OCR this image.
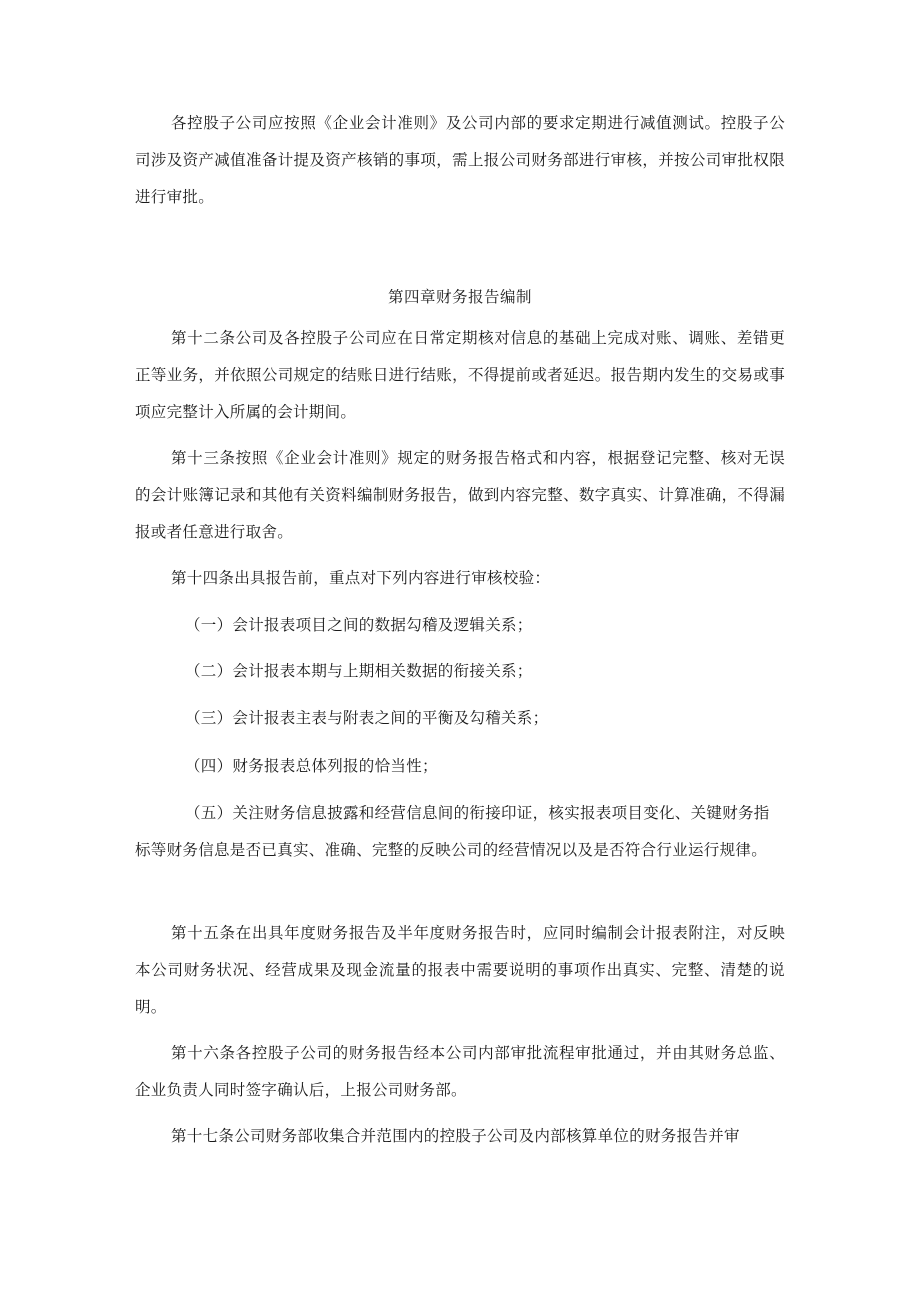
各控股子公司应按照《企业会计准则》及公司内部的要求定期进行减值测试。控股子公司涉及资产减值准备计提及资产核销的事项，需上报公司财务部进行审核，并按公司审批权限进行审批。

第四章财务报告编制

第十二条公司及各控股子公司应在日常定期核对信息的基础上完成对账、调账、差错更正等业务，并依照公司规定的结账日进行结账，不得提前或者延迟。报告期内发生的交易或事项应完整计入所属的会计期间。

第十三条按照《企业会计准则》规定的财务报告格式和内容，根据登记完整、核对无误的会计账簿记录和其他有关资料编制财务报告，做到内容完整、数字真实、计算准确，不得漏报或者任意进行取舍。

第十四条出具报告前，重点对下列内容进行审核校验：

（一）会计报表项目之间的数据勾稽及逻辑关系；

（二）会计报表本期与上期相关数据的衔接关系；

（三）会计报表主表与附表之间的平衡及勾稽关系；

（四）财务报表总体列报的恰当性；

（五）关注财务信息披露和经营信息间的衔接印证，核实报表项目变化、关键财务指标等财务信息是否已真实、准确、完整的反映公司的经营情况以及是否符合行业运行规律。

第十五条在出具年度财务报告及半年度财务报告时，应同时编制会计报表附注，对反映本公司财务状况、经营成果及现金流量的报表中需要说明的事项作出真实、完整、清楚的说明。

第十六条各控股子公司的财务报告经本公司内部审批流程审批通过，并由其财务总监、企业负责人同时签字确认后，上报公司财务部。

第十七条公司财务部收集合并范围内的控股子公司及内部核算单位的财务报告并审
